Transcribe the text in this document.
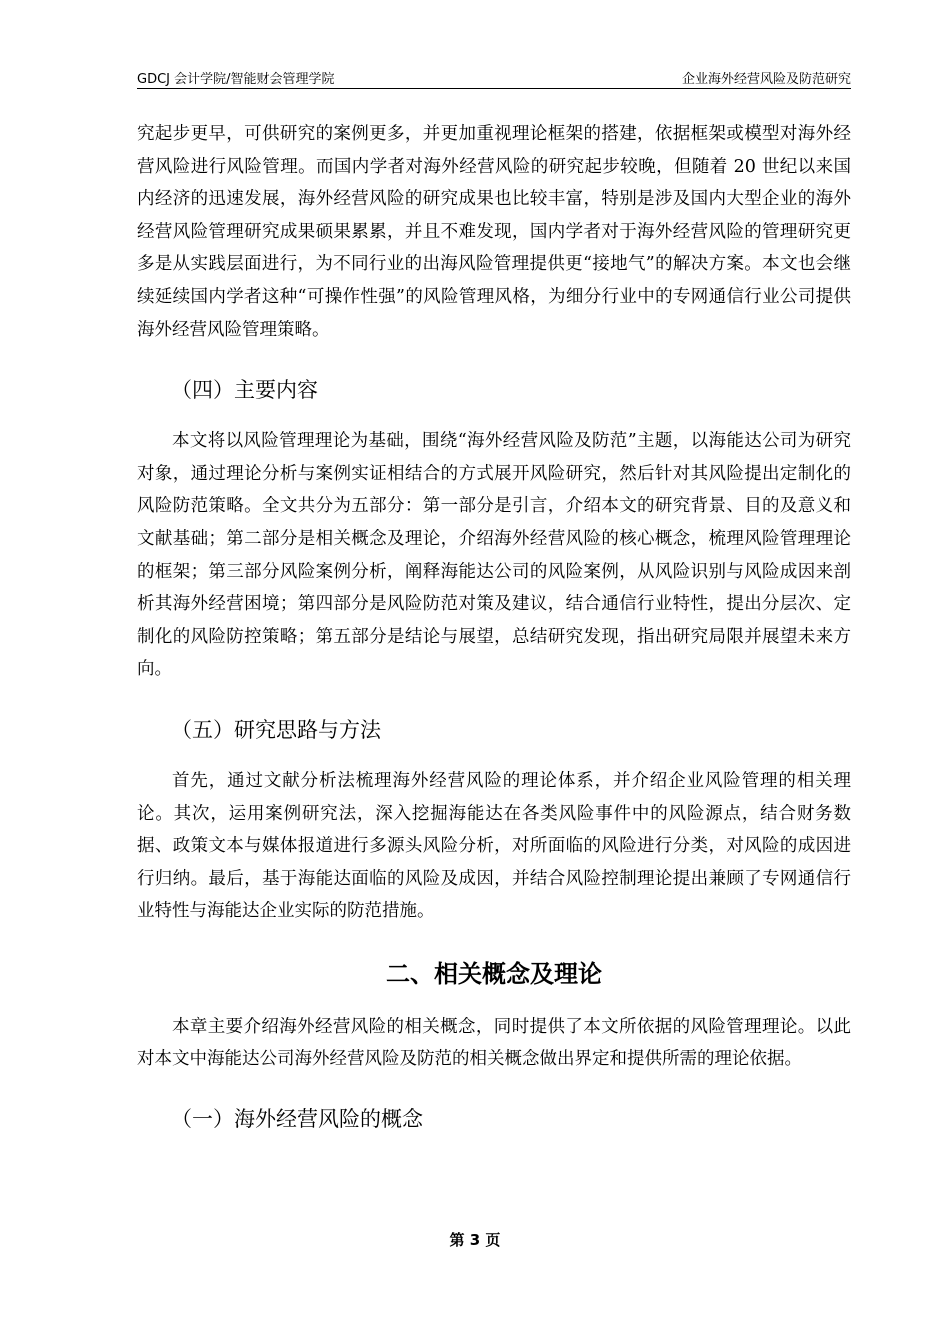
GDCJ 会计学院/智能财会管理学院	企业海外经营风险及防范研究

究起步更早，可供研究的案例更多，并更加重视理论框架的搭建，依据框架或模型对海外经营风险进行风险管理。而国内学者对海外经营风险的研究起步较晚，但随着 20 世纪以来国内经济的迅速发展，海外经营风险的研究成果也比较丰富，特别是涉及国内大型企业的海外经营风险管理研究成果硕果累累，并且不难发现，国内学者对于海外经营风险的管理研究更多是从实践层面进行，为不同行业的出海风险管理提供更“接地气”的解决方案。本文也会继续延续国内学者这种“可操作性强”的风险管理风格，为细分行业中的专网通信行业公司提供海外经营风险管理策略。

（四）主要内容

本文将以风险管理理论为基础，围绕“海外经营风险及防范”主题，以海能达公司为研究对象，通过理论分析与案例实证相结合的方式展开风险研究，然后针对其风险提出定制化的风险防范策略。全文共分为五部分：第一部分是引言，介绍本文的研究背景、目的及意义和文献基础；第二部分是相关概念及理论，介绍海外经营风险的核心概念，梳理风险管理理论的框架；第三部分风险案例分析，阐释海能达公司的风险案例，从风险识别与风险成因来剖析其海外经营困境；第四部分是风险防范对策及建议，结合通信行业特性，提出分层次、定制化的风险防控策略；第五部分是结论与展望，总结研究发现，指出研究局限并展望未来方向。

（五）研究思路与方法

首先，通过文献分析法梳理海外经营风险的理论体系，并介绍企业风险管理的相关理论。其次，运用案例研究法，深入挖掘海能达在各类风险事件中的风险源点，结合财务数据、政策文本与媒体报道进行多源头风险分析，对所面临的风险进行分类，对风险的成因进行归纳。最后，基于海能达面临的风险及成因，并结合风险控制理论提出兼顾了专网通信行业特性与海能达企业实际的防范措施。

二、相关概念及理论

本章主要介绍海外经营风险的相关概念，同时提供了本文所依据的风险管理理论。以此对本文中海能达公司海外经营风险及防范的相关概念做出界定和提供所需的理论依据。

（一）海外经营风险的概念
第 3 页
